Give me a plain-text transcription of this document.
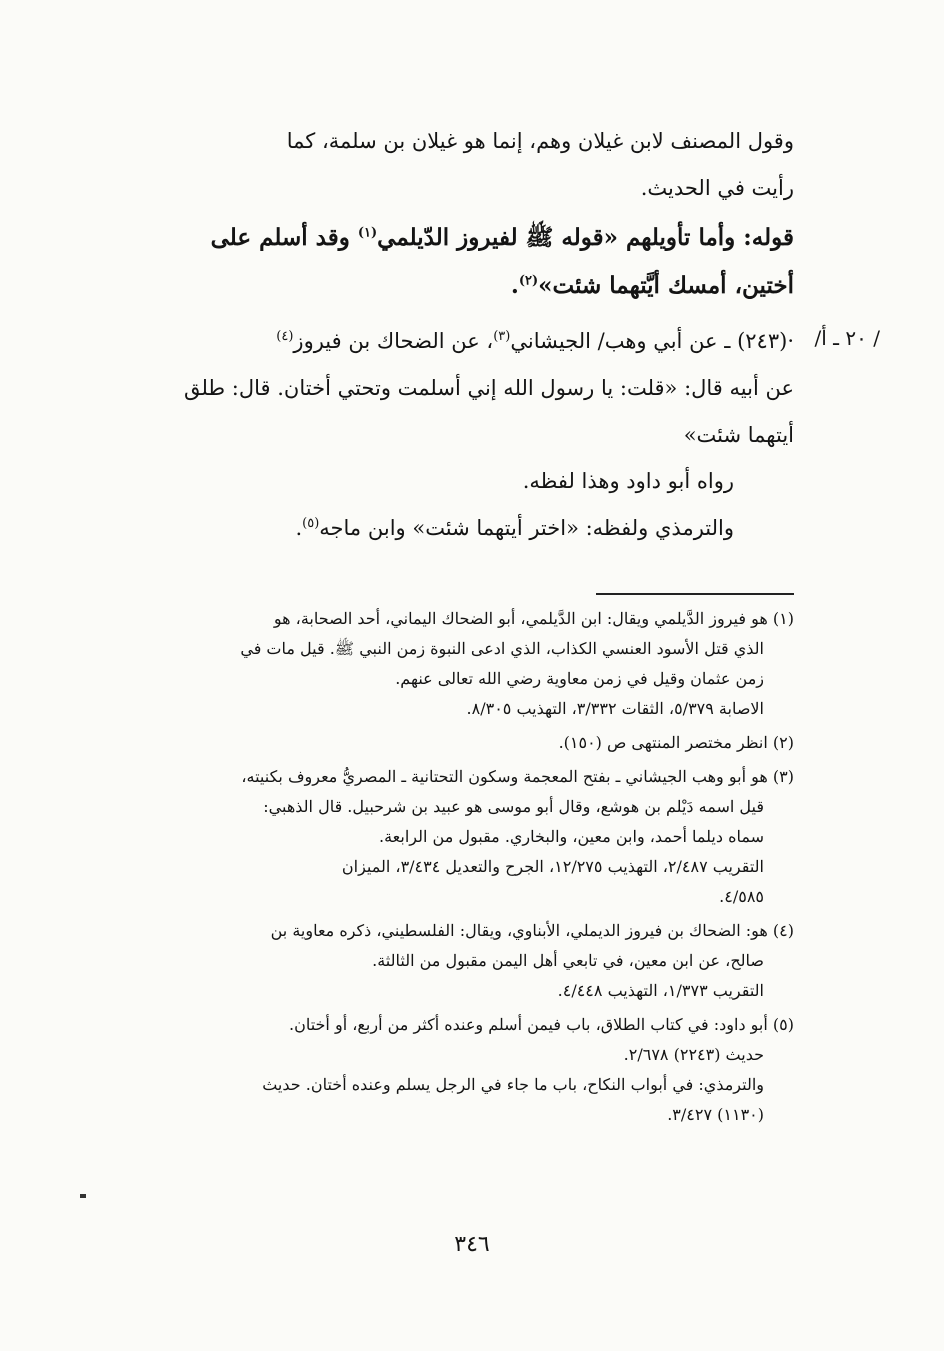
وقول المصنف لابن غيلان وهم، إنما هو غيلان بن سلمة، كما
رأيت في الحديث.
قوله: وأما تأويلهم «قوله ﷺ لفيروز الدّيلمي$^{(١)}$ وقد أسلم على
أختين، أمسك أيَّتهما شئت»$^{(٢)}$.
/ ٢٠ ـ أ/
·(٢٤٣) ـ عن أبي وهب/ الجيشاني$^{(٣)}$، عن الضحاك بن فيروز$^{(٤)}$
عن أبيه قال: «قلت: يا رسول الله إني أسلمت وتحتي أختان. قال: طلق
أيتهما شئت»
رواه أبو داود وهذا لفظه.
والترمذي ولفظه: «اختر أيتهما شئت» وابن ماجه$^{(٥)}$.
(١) هو فيروز الدَّيلمي ويقال: ابن الدَّيلمي، أبو الضحاك اليماني، أحد الصحابة، هو
الذي قتل الأسود العنسي الكذاب، الذي ادعى النبوة زمن النبي ﷺ. قيل مات في
زمن عثمان وقيل في زمن معاوية رضي الله تعالى عنهم.
الاصابة ٥/٣٧٩، الثقات ٣/٣٣٢، التهذيب ٨/٣٠٥.
(٢) انظر مختصر المنتهى ص (١٥٠).
(٣) هو أبو وهب الجيشاني ـ بفتح المعجمة وسكون التحتانية ـ المصريُّ معروف بكنيته،
قيل اسمه دَيْلم بن هوشع، وقال أبو موسى هو عبيد بن شرحبيل. قال الذهبي:
سماه ديلما أحمد، وابن معين، والبخاري. مقبول من الرابعة.
التقريب ٢/٤٨٧، التهذيب ١٢/٢٧٥، الجرح والتعديل ٣/٤٣٤، الميزان
٤/٥٨٥.
(٤) هو: الضحاك بن فيروز الديملي، الأبناوي، ويقال: الفلسطيني، ذكره معاوية بن
صالح، عن ابن معين، في تابعي أهل اليمن مقبول من الثالثة.
التقريب ١/٣٧٣، التهذيب ٤/٤٤٨.
(٥) أبو داود: في كتاب الطلاق، باب فيمن أسلم وعنده أكثر من أربع، أو أختان.
حديث (٢٢٤٣) ٢/٦٧٨.
والترمذي: في أبواب النكاح، باب ما جاء في الرجل يسلم وعنده أختان. حديث
(١١٣٠) ٣/٤٢٧.
٣٤٦
